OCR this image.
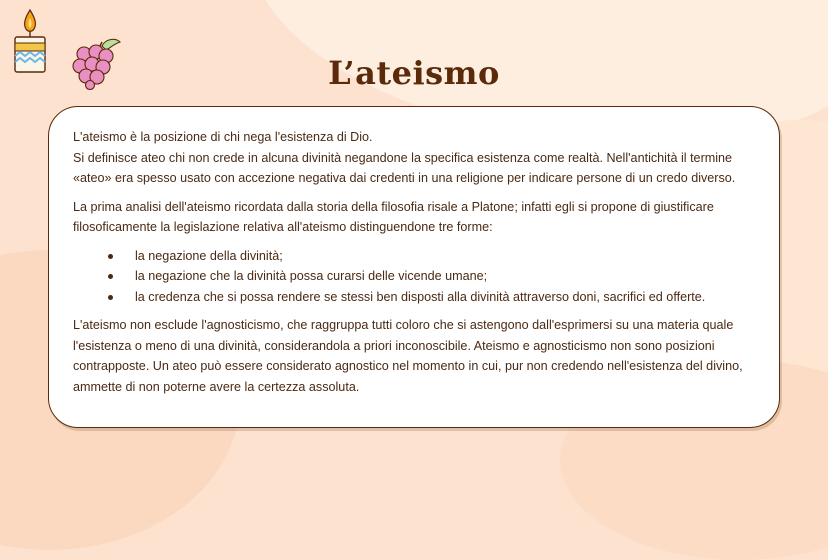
L’ateismo

L'ateismo è la posizione di chi nega l'esistenza di Dio.

Si definisce ateo chi non crede in alcuna divinità negandone la specifica esistenza come realtà. Nell'antichità il termine «ateo» era spesso usato con accezione negativa dai credenti in una religione per indicare persone di un credo diverso.

La prima analisi dell'ateismo ricordata dalla storia della filosofia risale a Platone; infatti egli si propone di giustificare filosoficamente la legislazione relativa all'ateismo distinguendone tre forme:

la negazione della divinità;
la negazione che la divinità possa curarsi delle vicende umane;
la credenza che si possa rendere se stessi ben disposti alla divinità attraverso doni, sacrifici ed offerte.

L'ateismo non esclude l'agnosticismo, che raggruppa tutti coloro che si astengono dall'esprimersi su una materia quale l'esistenza o meno di una divinità, considerandola a priori inconoscibile. Ateismo e agnosticismo non sono posizioni contrapposte. Un ateo può essere considerato agnostico nel momento in cui, pur non credendo nell'esistenza del divino, ammette di non poterne avere la certezza assoluta.
